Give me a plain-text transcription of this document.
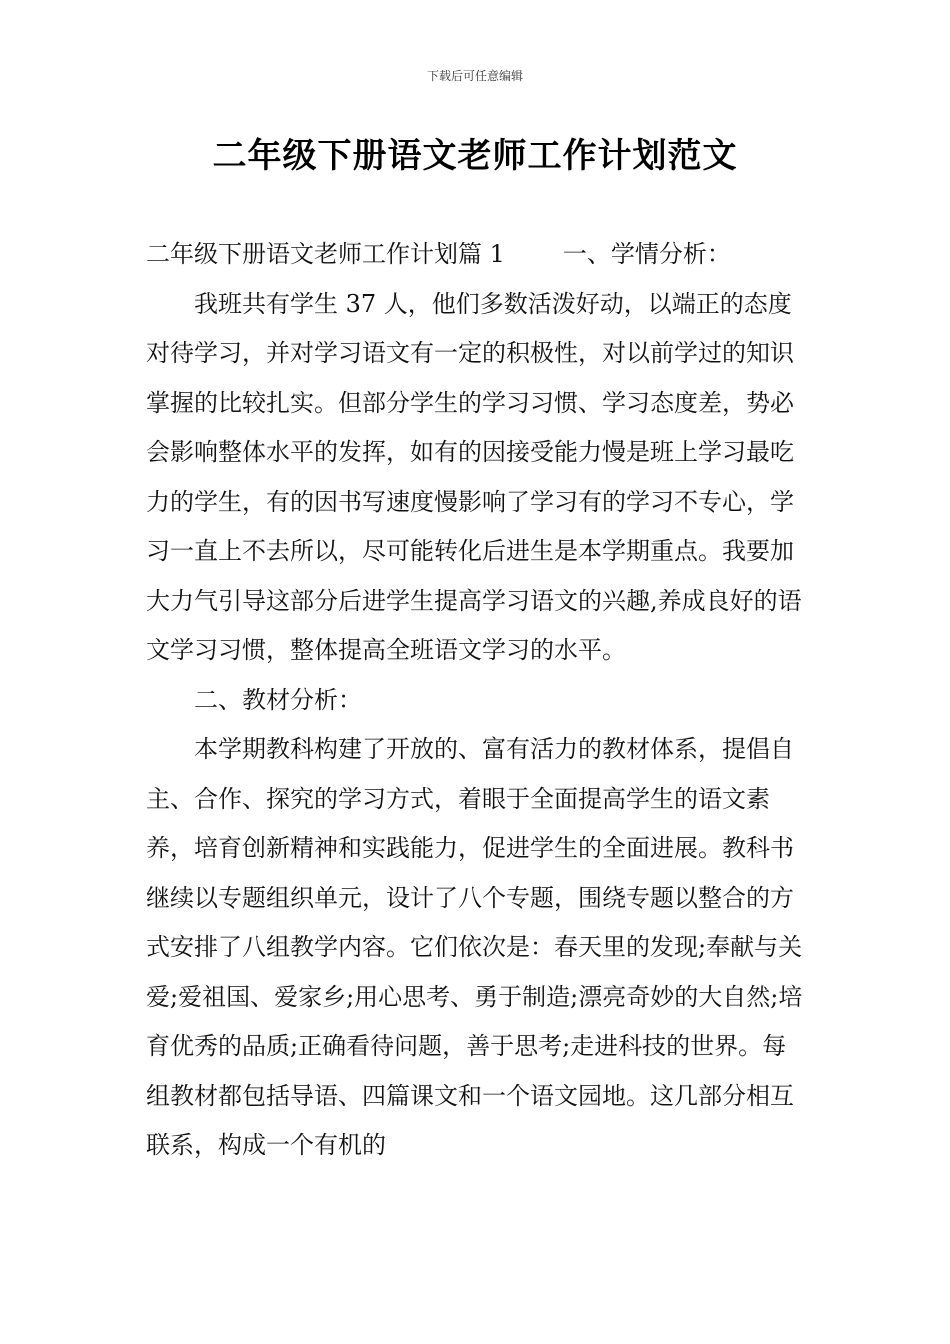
下载后可任意编辑
二年级下册语文老师工作计划范文

二年级下册语文老师工作计划篇 1 一、学情分析：

我班共有学生 37 人，他们多数活泼好动，以端正的态度对待学习，并对学习语文有一定的积极性，对以前学过的知识掌握的比较扎实。但部分学生的学习习惯、学习态度差，势必会影响整体水平的发挥，如有的因接受能力慢是班上学习最吃力的学生，有的因书写速度慢影响了学习有的学习不专心，学习一直上不去所以，尽可能转化后进生是本学期重点。我要加大力气引导这部分后进学生提高学习语文的兴趣,养成良好的语文学习习惯，整体提高全班语文学习的水平。

二、教材分析：

本学期教科构建了开放的、富有活力的教材体系，提倡自主、合作、探究的学习方式，着眼于全面提高学生的语文素养，培育创新精神和实践能力，促进学生的全面进展。教科书继续以专题组织单元，设计了八个专题，围绕专题以整合的方式安排了八组教学内容。它们依次是：春天里的发现;奉献与关爱;爱祖国、爱家乡;用心思考、勇于制造;漂亮奇妙的大自然;培育优秀的品质;正确看待问题，善于思考;走进科技的世界。每组教材都包括导语、四篇课文和一个语文园地。这几部分相互联系，构成一个有机的
